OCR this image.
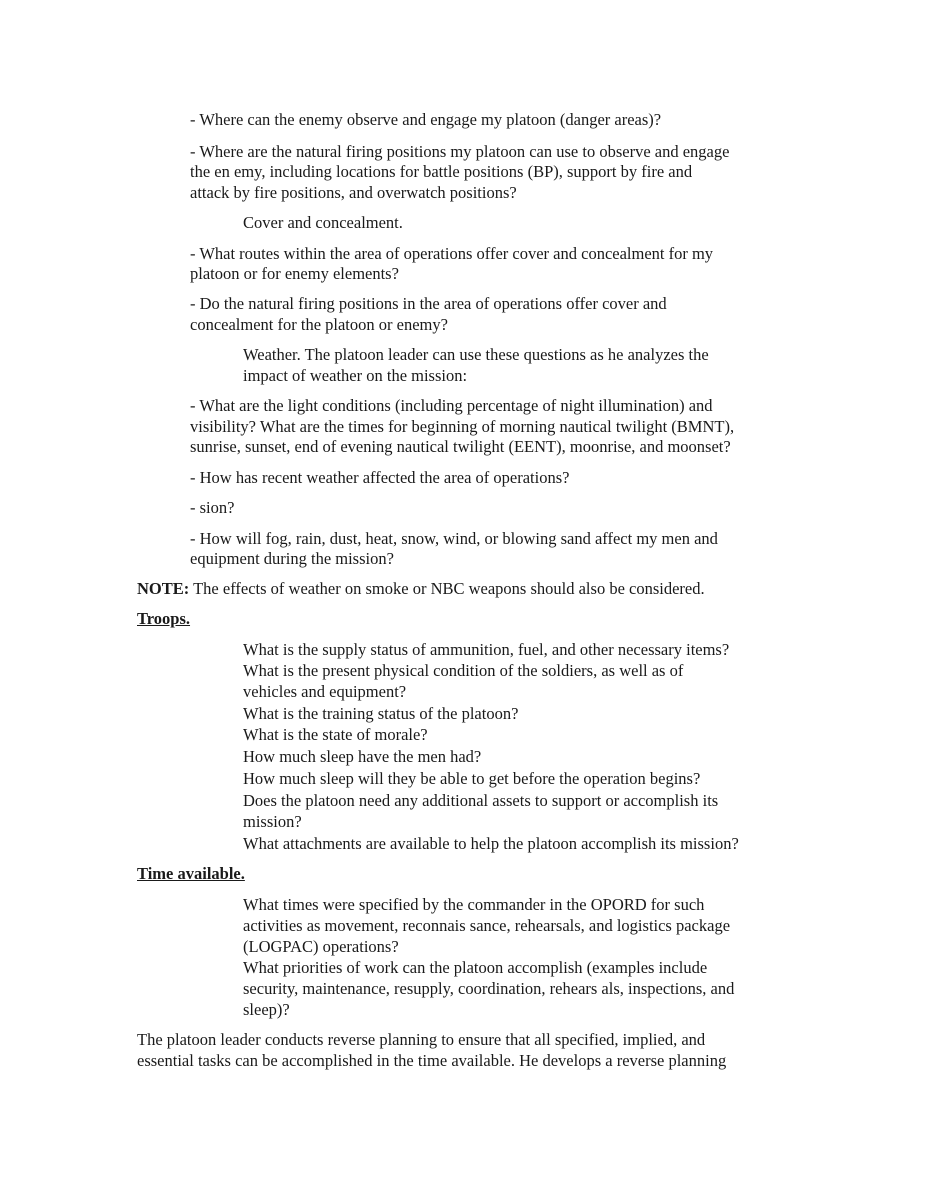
- Where can the enemy observe and engage my platoon (danger areas)?

- Where are the natural firing positions my platoon can use to observe and engage

the en emy, including locations for battle positions (BP), support by fire and

attack by fire positions, and overwatch positions?

Cover and concealment.

- What routes within the area of operations offer cover and concealment for my

platoon or for enemy elements?

- Do the natural firing positions in the area of operations offer cover and

concealment for the platoon or enemy?

Weather. The platoon leader can use these questions as he analyzes the

impact of weather on the mission:

- What are the light conditions (including percentage of night illumination) and

visibility? What are the times for beginning of morning nautical twilight (BMNT),

sunrise, sunset, end of evening nautical twilight (EENT), moonrise, and moonset?

- How has recent weather affected the area of operations?

- sion?

- How will fog, rain, dust, heat, snow, wind, or blowing sand affect my men and

equipment during the mission?

NOTE: The effects of weather on smoke or NBC weapons should also be considered.

Troops.

What is the supply status of ammunition, fuel, and other necessary items?

What is the present physical condition of the soldiers, as well as of

vehicles and equipment?

What is the training status of the platoon?

What is the state of morale?

How much sleep have the men had?

How much sleep will they be able to get before the operation begins?

Does the platoon need any additional assets to support or accomplish its

mission?

What attachments are available to help the platoon accomplish its mission?

Time available.

What times were specified by the commander in the OPORD for such

activities as movement, reconnais sance, rehearsals, and logistics package

(LOGPAC) operations?

What priorities of work can the platoon accomplish (examples include

security, maintenance, resupply, coordination, rehears als, inspections, and

sleep)?

The platoon leader conducts reverse planning to ensure that all specified, implied, and

essential tasks can be accomplished in the time available. He develops a reverse planning
